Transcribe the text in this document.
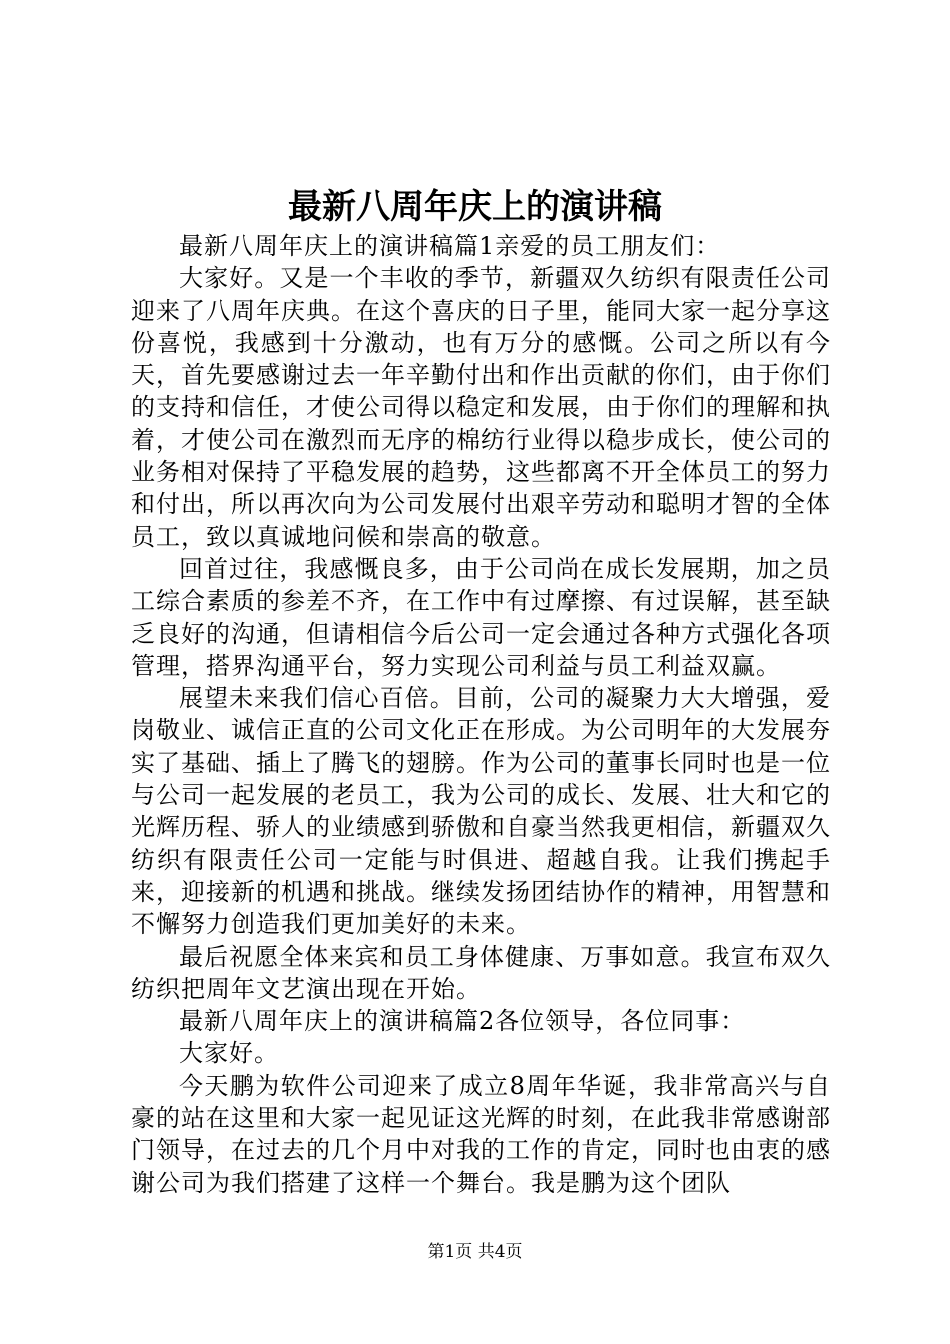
最新八周年庆上的演讲稿

最新八周年庆上的演讲稿篇1亲爱的员工朋友们：

大家好。又是一个丰收的季节，新疆双久纺织有限责任公司迎来了八周年庆典。在这个喜庆的日子里，能同大家一起分享这份喜悦，我感到十分激动，也有万分的感慨。公司之所以有今天，首先要感谢过去一年辛勤付出和作出贡献的你们，由于你们的支持和信任，才使公司得以稳定和发展，由于你们的理解和执着，才使公司在激烈而无序的棉纺行业得以稳步成长，使公司的业务相对保持了平稳发展的趋势，这些都离不开全体员工的努力和付出，所以再次向为公司发展付出艰辛劳动和聪明才智的全体员工，致以真诚地问候和崇高的敬意。

回首过往，我感慨良多，由于公司尚在成长发展期，加之员工综合素质的参差不齐，在工作中有过摩擦、有过误解，甚至缺乏良好的沟通，但请相信今后公司一定会通过各种方式强化各项管理，搭界沟通平台，努力实现公司利益与员工利益双赢。

展望未来我们信心百倍。目前，公司的凝聚力大大增强，爱岗敬业、诚信正直的公司文化正在形成。为公司明年的大发展夯实了基础、插上了腾飞的翅膀。作为公司的董事长同时也是一位与公司一起发展的老员工，我为公司的成长、发展、壮大和它的光辉历程、骄人的业绩感到骄傲和自豪当然我更相信，新疆双久纺织有限责任公司一定能与时俱进、超越自我。让我们携起手来，迎接新的机遇和挑战。继续发扬团结协作的精神，用智慧和不懈努力创造我们更加美好的未来。

最后祝愿全体来宾和员工身体健康、万事如意。我宣布双久纺织把周年文艺演出现在开始。

最新八周年庆上的演讲稿篇2各位领导，各位同事：

大家好。

今天鹏为软件公司迎来了成立8周年华诞，我非常高兴与自豪的站在这里和大家一起见证这光辉的时刻，在此我非常感谢部门领导，在过去的几个月中对我的工作的肯定，同时也由衷的感谢公司为我们搭建了这样一个舞台。我是鹏为这个团队

第1页 共4页
